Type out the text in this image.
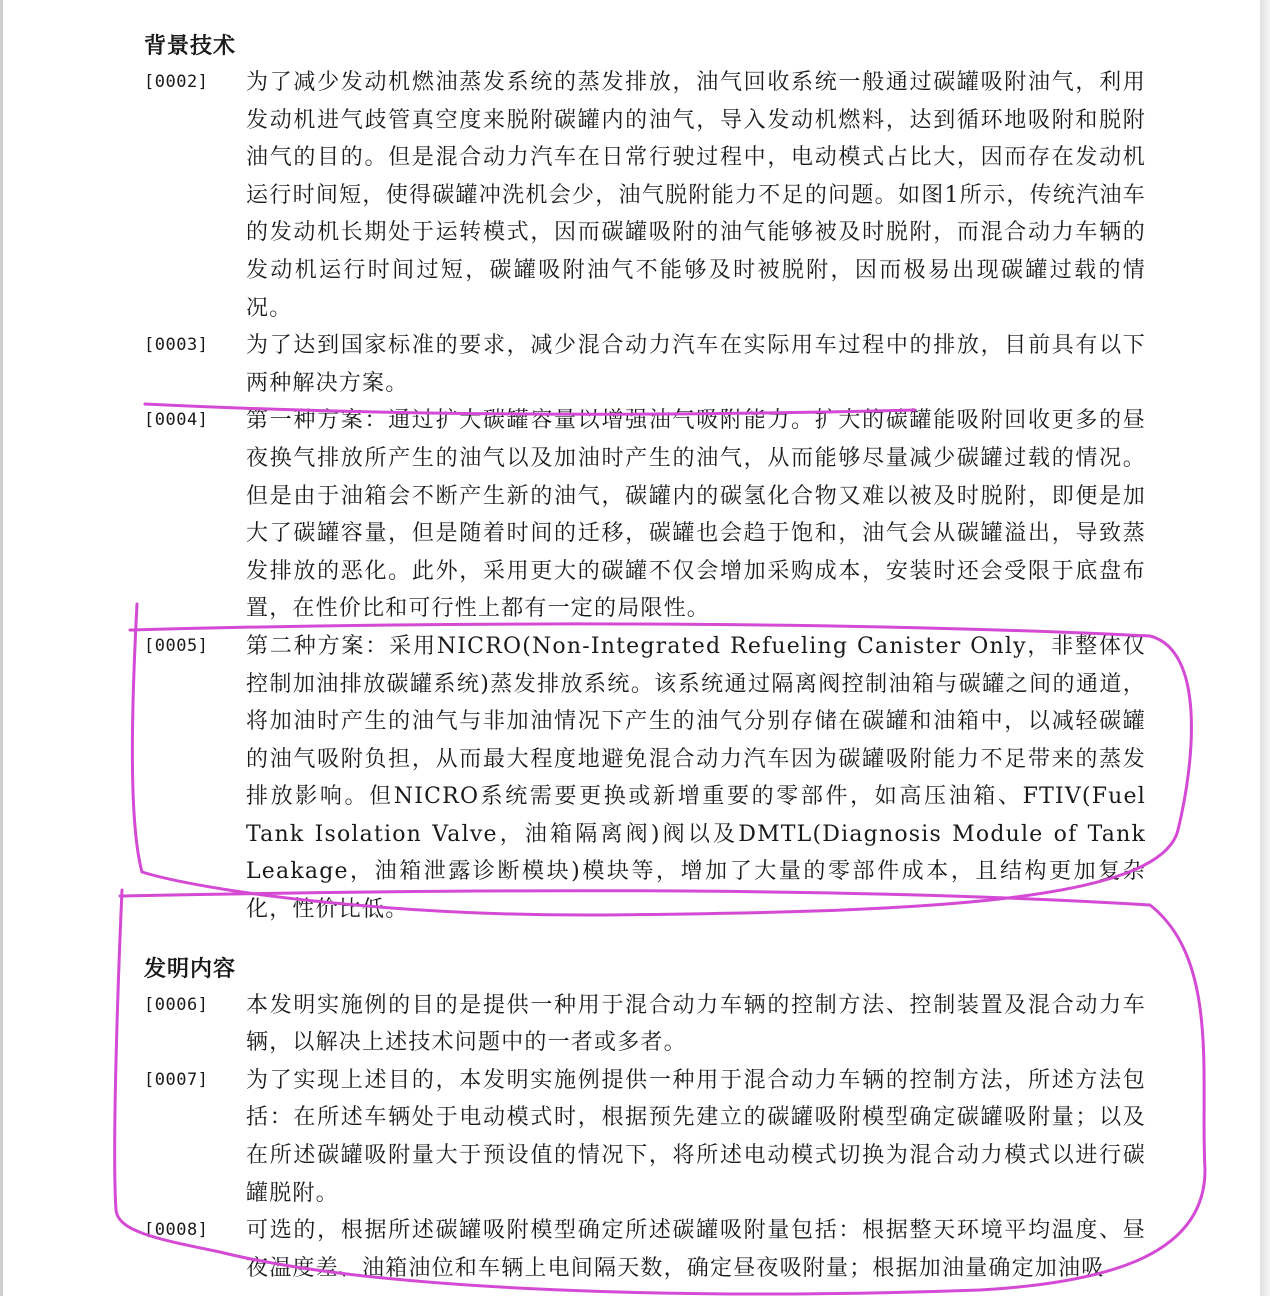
背景技术
[0002] 为了减少发动机燃油蒸发系统的蒸发排放，油气回收系统一般通过碳罐吸附油气，利用发动机进气歧管真空度来脱附碳罐内的油气，导入发动机燃料，达到循环地吸附和脱附油气的目的。但是混合动力汽车在日常行驶过程中，电动模式占比大，因而存在发动机运行时间短，使得碳罐冲洗机会少，油气脱附能力不足的问题。如图1所示，传统汽油车的发动机长期处于运转模式，因而碳罐吸附的油气能够被及时脱附，而混合动力车辆的发动机运行时间过短，碳罐吸附油气不能够及时被脱附，因而极易出现碳罐过载的情况。
[0003] 为了达到国家标准的要求，减少混合动力汽车在实际用车过程中的排放，目前具有以下两种解决方案。
[0004] 第一种方案：通过扩大碳罐容量以增强油气吸附能力。扩大的碳罐能吸附回收更多的昼夜换气排放所产生的油气以及加油时产生的油气，从而能够尽量减少碳罐过载的情况。但是由于油箱会不断产生新的油气，碳罐内的碳氢化合物又难以被及时脱附，即便是加大了碳罐容量，但是随着时间的迁移，碳罐也会趋于饱和，油气会从碳罐溢出，导致蒸发排放的恶化。此外，采用更大的碳罐不仅会增加采购成本，安装时还会受限于底盘布置，在性价比和可行性上都有一定的局限性。
[0005] 第二种方案：采用NICRO(Non-Integrated Refueling Canister Only，非整体仅控制加油排放碳罐系统)蒸发排放系统。该系统通过隔离阀控制油箱与碳罐之间的通道，将加油时产生的油气与非加油情况下产生的油气分别存储在碳罐和油箱中，以减轻碳罐的油气吸附负担，从而最大程度地避免混合动力汽车因为碳罐吸附能力不足带来的蒸发排放影响。但NICRO系统需要更换或新增重要的零部件，如高压油箱、FTIV(Fuel Tank Isolation Valve，油箱隔离阀)阀以及DMTL(Diagnosis Module of Tank Leakage，油箱泄露诊断模块)模块等，增加了大量的零部件成本，且结构更加复杂化，性价比低。
发明内容
[0006] 本发明实施例的目的是提供一种用于混合动力车辆的控制方法、控制装置及混合动力车辆，以解决上述技术问题中的一者或多者。
[0007] 为了实现上述目的，本发明实施例提供一种用于混合动力车辆的控制方法，所述方法包括：在所述车辆处于电动模式时，根据预先建立的碳罐吸附模型确定碳罐吸附量；以及在所述碳罐吸附量大于预设值的情况下，将所述电动模式切换为混合动力模式以进行碳罐脱附。
[0008] 可选的，根据所述碳罐吸附模型确定所述碳罐吸附量包括：根据整天环境平均温度、昼夜温度差、油箱油位和车辆上电间隔天数，确定昼夜吸附量；根据加油量确定加油吸
